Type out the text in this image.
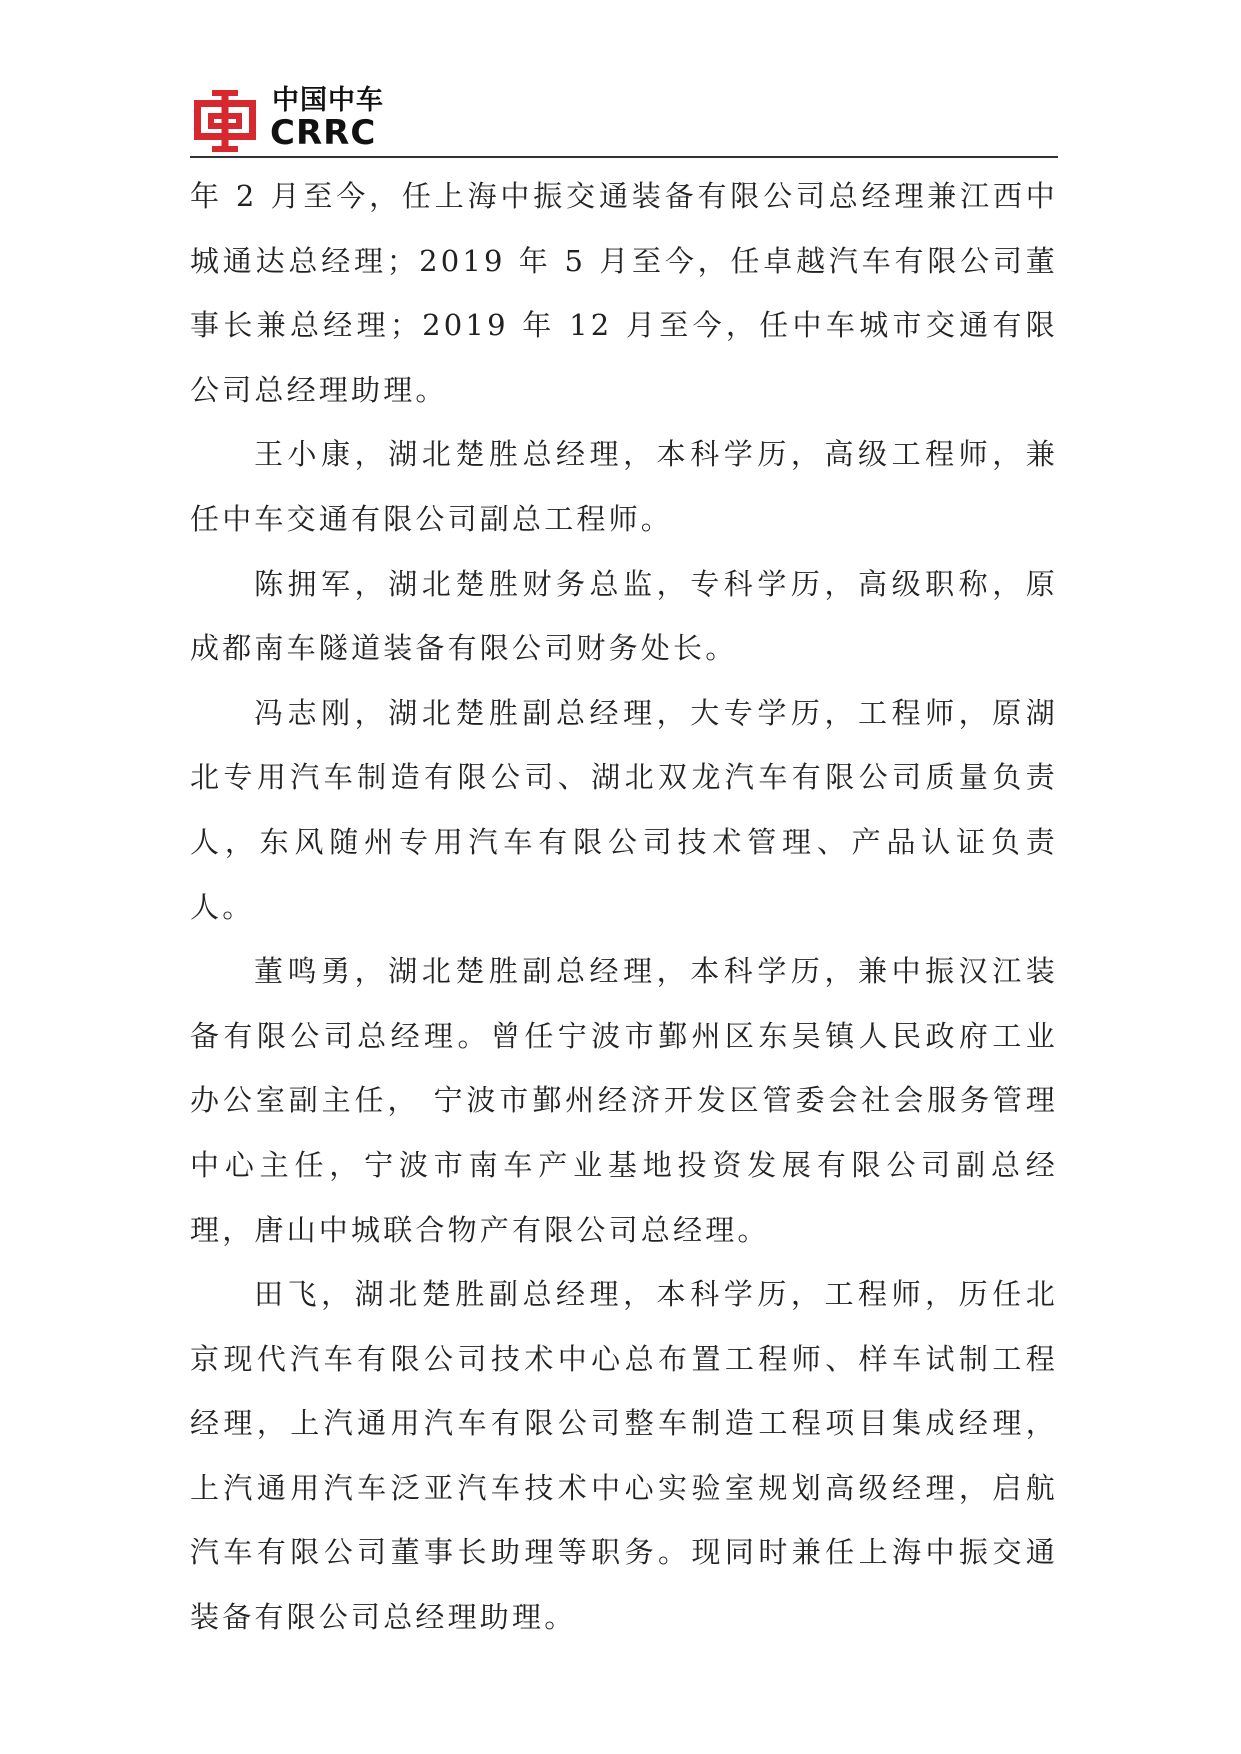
中国中车
CRRC

年 2 月至今，任上海中振交通装备有限公司总经理兼江西中城通达总经理；2019 年 5 月至今，任卓越汽车有限公司董事长兼总经理；2019 年 12 月至今，任中车城市交通有限公司总经理助理。

王小康，湖北楚胜总经理，本科学历，高级工程师，兼任中车交通有限公司副总工程师。

陈拥军，湖北楚胜财务总监，专科学历，高级职称，原成都南车隧道装备有限公司财务处长。

冯志刚，湖北楚胜副总经理，大专学历，工程师，原湖北专用汽车制造有限公司、湖北双龙汽车有限公司质量负责人，东风随州专用汽车有限公司技术管理、产品认证负责人。

董鸣勇，湖北楚胜副总经理，本科学历，兼中振汉江装备有限公司总经理。曾任宁波市鄞州区东吴镇人民政府工业办公室副主任， 宁波市鄞州经济开发区管委会社会服务管理中心主任，宁波市南车产业基地投资发展有限公司副总经理，唐山中城联合物产有限公司总经理。

田飞，湖北楚胜副总经理，本科学历，工程师，历任北京现代汽车有限公司技术中心总布置工程师、样车试制工程经理，上汽通用汽车有限公司整车制造工程项目集成经理，上汽通用汽车泛亚汽车技术中心实验室规划高级经理，启航汽车有限公司董事长助理等职务。现同时兼任上海中振交通装备有限公司总经理助理。
